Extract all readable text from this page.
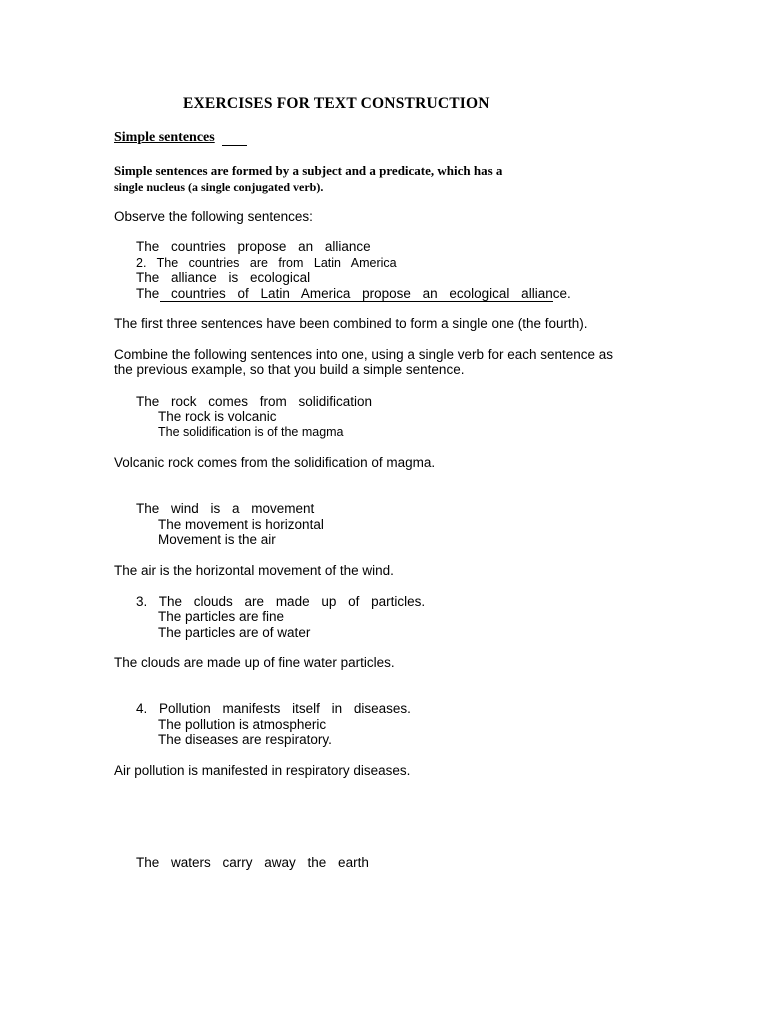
EXERCISES FOR TEXT CONSTRUCTION
Simple sentences
Simple sentences are formed by a subject and a predicate, which has a
single nucleus (a single conjugated verb).
Observe the following sentences:
The countries propose an alliance
2. The countries are from Latin America
The alliance is ecological
The countries of Latin America propose an ecological alliance.
The first three sentences have been combined to form a single one (the fourth).
Combine the following sentences into one, using a single verb for each sentence as
the previous example, so that you build a simple sentence.
The rock comes from solidification
The rock is volcanic
The solidification is of the magma
Volcanic rock comes from the solidification of magma.
The wind is a movement
The movement is horizontal
Movement is the air
The air is the horizontal movement of the wind.
3. The clouds are made up of particles.
The particles are fine
The particles are of water
The clouds are made up of fine water particles.
4. Pollution manifests itself in diseases.
The pollution is atmospheric
The diseases are respiratory.
Air pollution is manifested in respiratory diseases.
The waters carry away the earth
